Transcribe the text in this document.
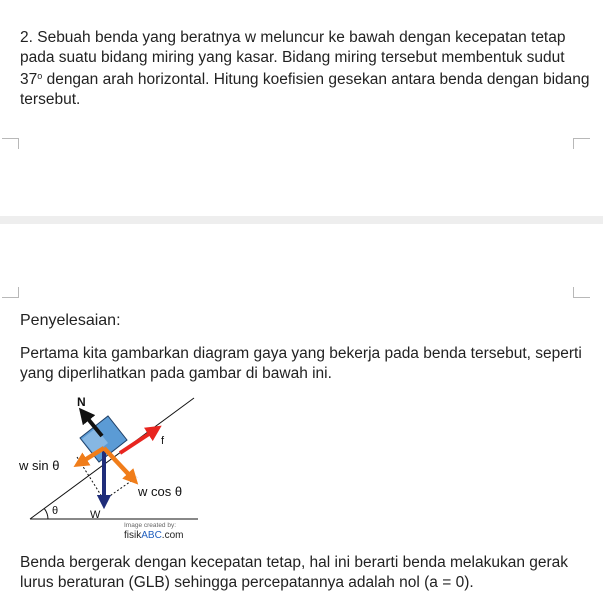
2. Sebuah benda yang beratnya w meluncur ke bawah dengan kecepatan tetap pada suatu bidang miring yang kasar. Bidang miring tersebut membentuk sudut 37$^o$ dengan arah horizontal. Hitung koefisien gesekan antara benda dengan bidang tersebut.

Penyelesaian:

Pertama kita gambarkan diagram gaya yang bekerja pada benda tersebut, seperti yang diperlihatkan pada gambar di bawah ini.

N
f
w sin θ
w cos θ
W
θ
Image created by:
fisikABC.com

Benda bergerak dengan kecepatan tetap, hal ini berarti benda melakukan gerak lurus beraturan (GLB) sehingga percepatannya adalah nol (a = 0).
